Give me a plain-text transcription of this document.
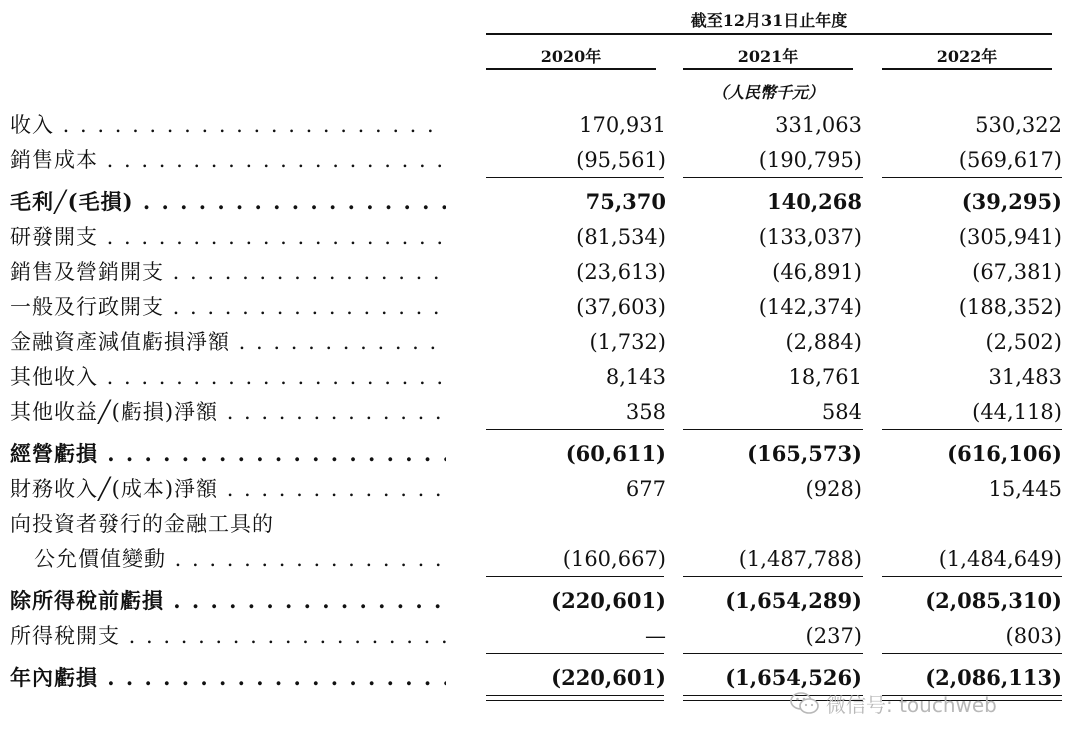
截至12月31日止年度
2020年	2021年	2022年
（人民幣千元）
收入 . . .	170,931	331,063	530,322
銷售成本 . . .	(95,561)	(190,795)	(569,617)
毛利╱(毛損) . . .	75,370	140,268	(39,295)
研發開支 . . .	(81,534)	(133,037)	(305,941)
銷售及營銷開支 . . .	(23,613)	(46,891)	(67,381)
一般及行政開支 . . .	(37,603)	(142,374)	(188,352)
金融資產減值虧損淨額 . . .	(1,732)	(2,884)	(2,502)
其他收入 . . .	8,143	18,761	31,483
其他收益╱(虧損)淨額 . . .	358	584	(44,118)
經營虧損 . . .	(60,611)	(165,573)	(616,106)
財務收入╱(成本)淨額 . . .	677	(928)	15,445
向投資者發行的金融工具的
公允價值變動 . . .	(160,667)	(1,487,788)	(1,484,649)
除所得稅前虧損 . . .	(220,601)	(1,654,289)	(2,085,310)
所得稅開支 . . .	—	(237)	(803)
年內虧損 . . .	(220,601)	(1,654,526)	(2,086,113)
微信号: touchweb
